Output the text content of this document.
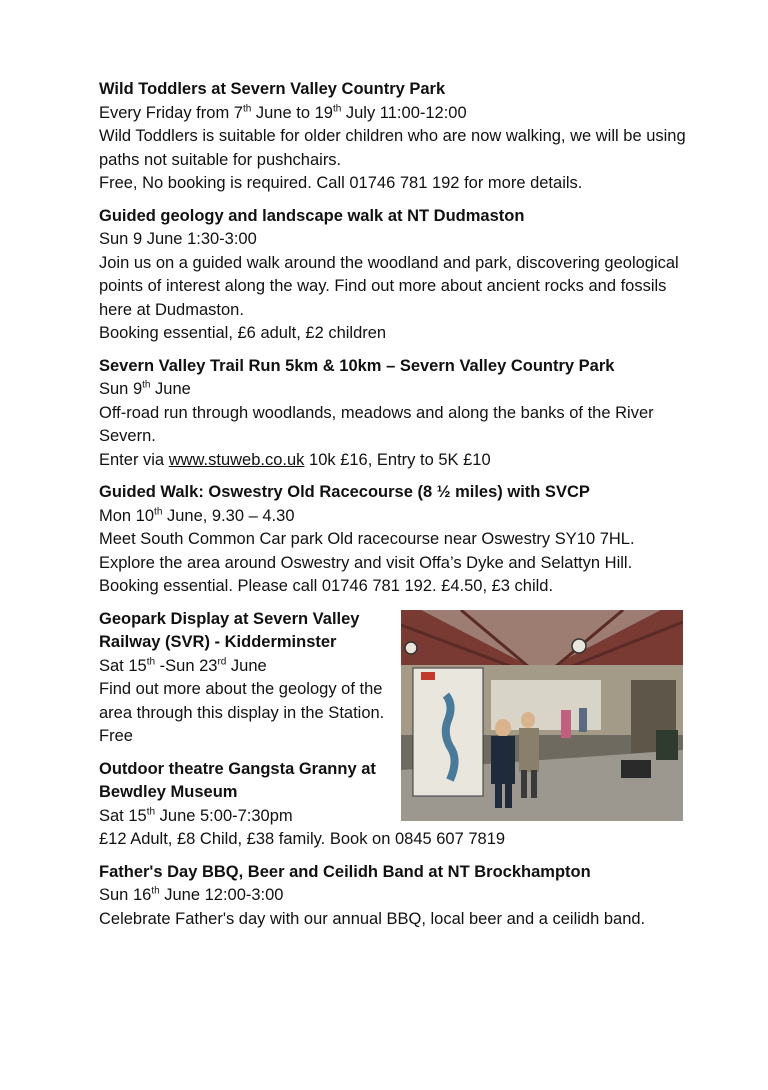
Wild Toddlers at Severn Valley Country Park

Every Friday from 7th June to 19th July 11:00-12:00

Wild Toddlers is suitable for older children who are now walking, we will be using paths not suitable for pushchairs.

Free, No booking is required. Call 01746 781 192 for more details.

Guided geology and landscape walk at NT Dudmaston

Sun 9 June 1:30-3:00

Join us on a guided walk around the woodland and park, discovering geological points of interest along the way. Find out more about ancient rocks and fossils here at Dudmaston.

Booking essential, £6 adult, £2 children

Severn Valley Trail Run 5km & 10km – Severn Valley Country Park

Sun 9th June

Off-road run through woodlands, meadows and along the banks of the River Severn.

Enter via www.stuweb.co.uk 10k £16, Entry to 5K £10

Guided Walk: Oswestry Old Racecourse (8 ½ miles) with SVCP

Mon 10th June, 9.30 – 4.30

Meet South Common Car park Old racecourse near Oswestry SY10 7HL.

Explore the area around Oswestry and visit Offa’s Dyke and Selattyn Hill.

Booking essential. Please call 01746 781 192. £4.50, £3 child.

Geopark Display at Severn Valley Railway (SVR) - Kidderminster

Sat 15th -Sun 23rd June

Find out more about the geology of the area through this display in the Station. Free

Outdoor theatre Gangsta Granny at Bewdley Museum

Sat 15th June 5:00-7:30pm

£12 Adult, £8 Child, £38 family. Book on 0845 607 7819

Father's Day BBQ, Beer and Ceilidh Band at NT Brockhampton

Sun 16th June 12:00-3:00

Celebrate Father's day with our annual BBQ, local beer and a ceilidh band.
